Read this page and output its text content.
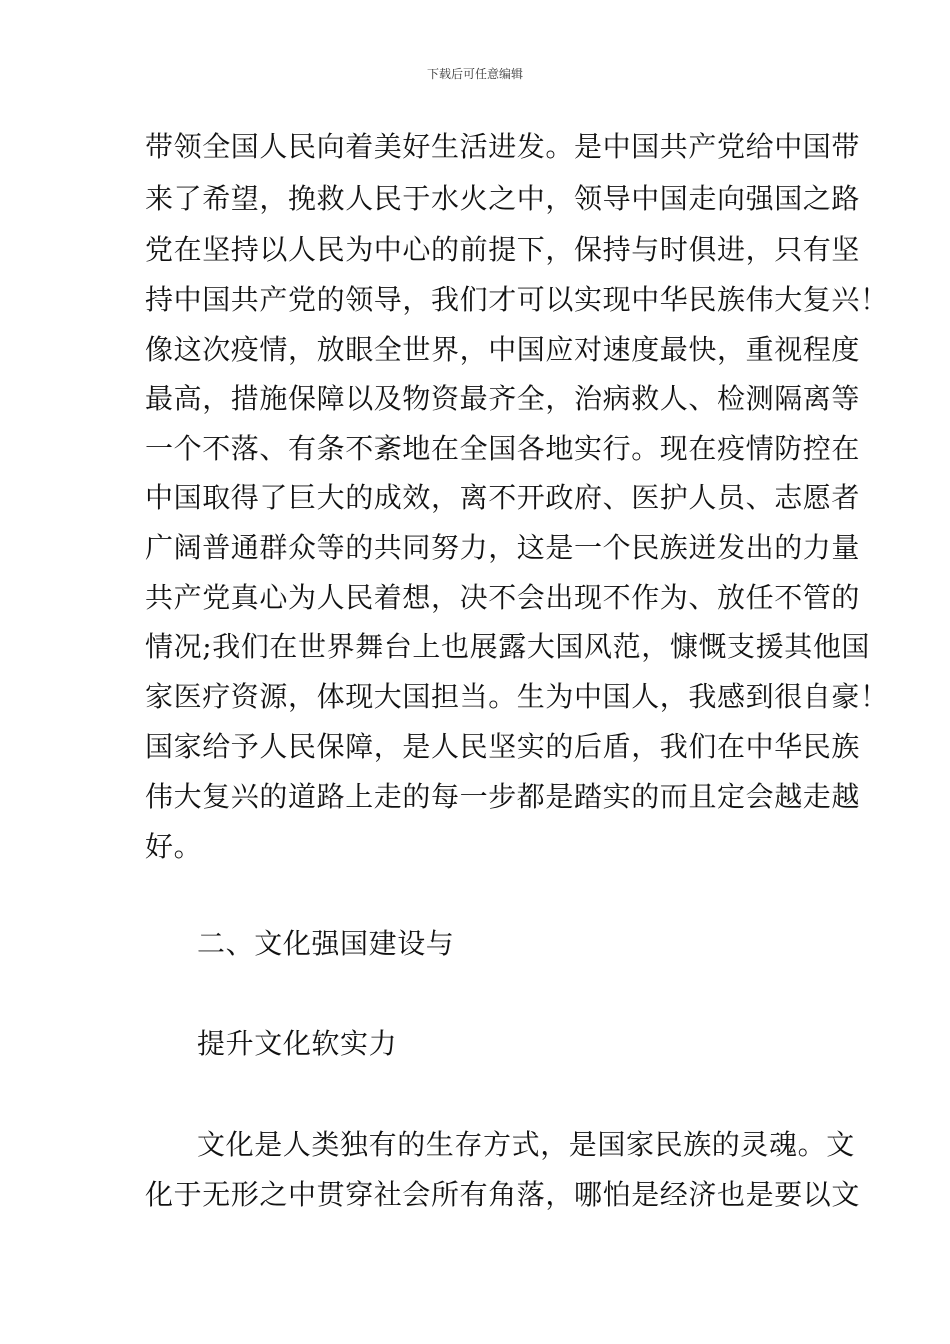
下载后可任意编辑
带领全国人民向着美好生活进发。是中国共产党给中国带
来了希望，挽救人民于水火之中，领导中国走向强国之路
党在坚持以人民为中心的前提下，保持与时俱进，只有坚
持中国共产党的领导，我们才可以实现中华民族伟大复兴！
像这次疫情，放眼全世界，中国应对速度最快，重视程度
最高，措施保障以及物资最齐全，治病救人、检测隔离等
一个不落、有条不紊地在全国各地实行。现在疫情防控在
中国取得了巨大的成效，离不开政府、医护人员、志愿者
广阔普通群众等的共同努力，这是一个民族迸发出的力量
共产党真心为人民着想，决不会出现不作为、放任不管的
情况;我们在世界舞台上也展露大国风范，慷慨支援其他国
家医疗资源，体现大国担当。生为中国人，我感到很自豪！
国家给予人民保障，是人民坚实的后盾，我们在中华民族
伟大复兴的道路上走的每一步都是踏实的而且定会越走越
好。
二、文化强国建设与
提升文化软实力
文化是人类独有的生存方式，是国家民族的灵魂。文
化于无形之中贯穿社会所有角落，哪怕是经济也是要以文
